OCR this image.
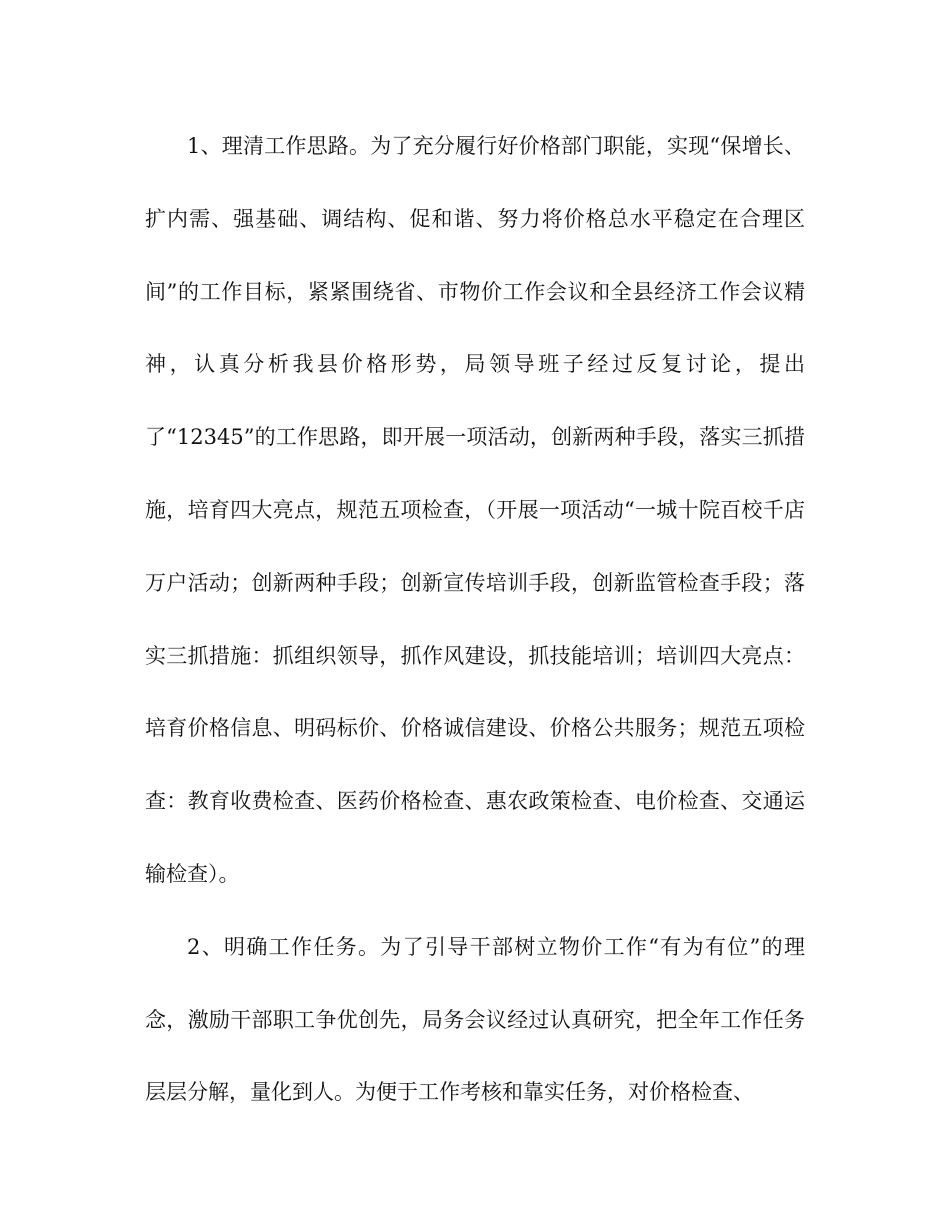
1、理清工作思路。为了充分履行好价格部门职能，实现“保增长、扩内需、强基础、调结构、促和谐、努力将价格总水平稳定在合理区间”的工作目标，紧紧围绕省、市物价工作会议和全县经济工作会议精神，认真分析我县价格形势，局领导班子经过反复讨论，提出了“12345”的工作思路，即开展一项活动，创新两种手段，落实三抓措施，培育四大亮点，规范五项检查，（开展一项活动“一城十院百校千店万户活动；创新两种手段；创新宣传培训手段，创新监管检查手段；落实三抓措施：抓组织领导，抓作风建设，抓技能培训；培训四大亮点：培育价格信息、明码标价、价格诚信建设、价格公共服务；规范五项检查：教育收费检查、医药价格检查、惠农政策检查、电价检查、交通运输检查）。

2、明确工作任务。为了引导干部树立物价工作“有为有位”的理念，激励干部职工争优创先，局务会议经过认真研究，把全年工作任务层层分解，量化到人。为便于工作考核和靠实任务，对价格检查、
